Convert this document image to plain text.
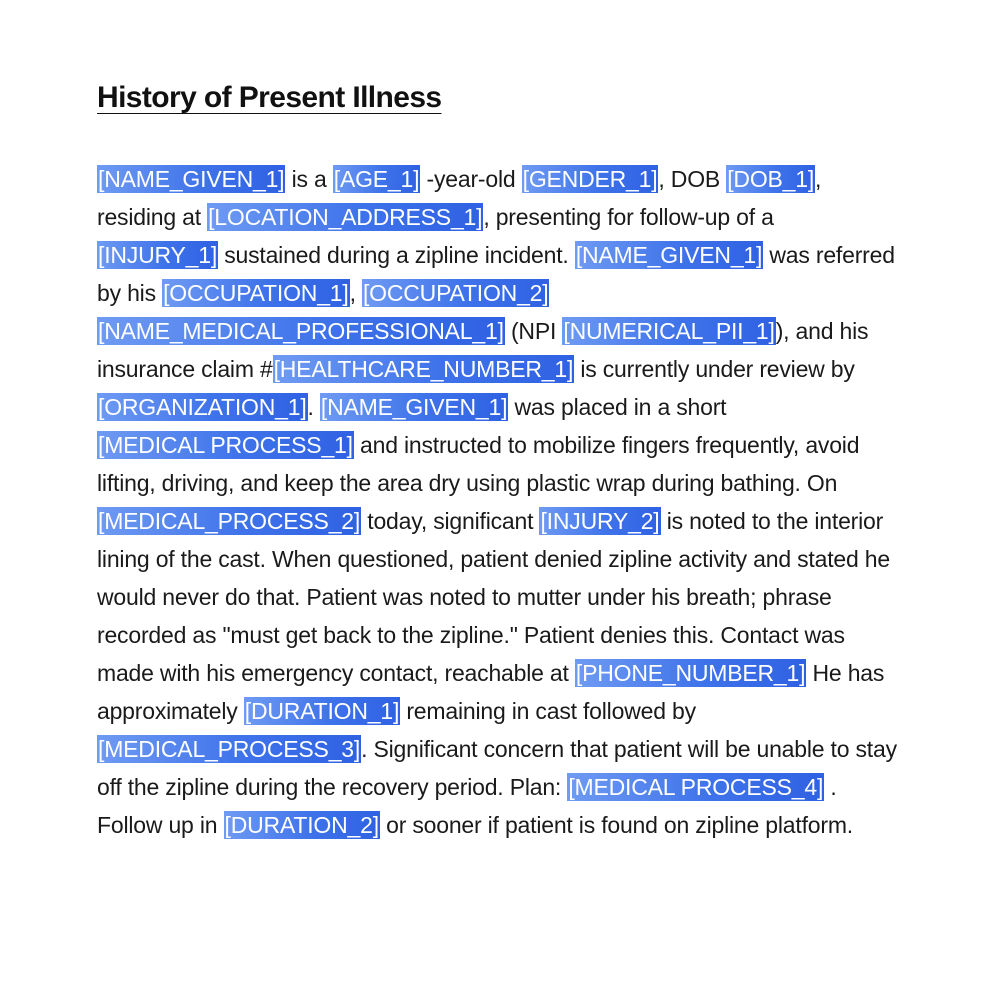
History of Present Illness
[NAME_GIVEN_1] is a [AGE_1] -year-old [GENDER_1], DOB [DOB_1], residing at [LOCATION_ADDRESS_1], presenting for follow-up of a [INJURY_1] sustained during a zipline incident. [NAME_GIVEN_1] was referred by his [OCCUPATION_1], [OCCUPATION_2] [NAME_MEDICAL_PROFESSIONAL_1] (NPI [NUMERICAL_PII_1]), and his insurance claim #[HEALTHCARE_NUMBER_1] is currently under review by [ORGANIZATION_1]. [NAME_GIVEN_1] was placed in a short [MEDICAL PROCESS_1] and instructed to mobilize fingers frequently, avoid lifting, driving, and keep the area dry using plastic wrap during bathing. On [MEDICAL_PROCESS_2] today, significant [INJURY_2] is noted to the interior lining of the cast. When questioned, patient denied zipline activity and stated he would never do that. Patient was noted to mutter under his breath; phrase recorded as "must get back to the zipline." Patient denies this. Contact was made with his emergency contact, reachable at [PHONE_NUMBER_1] He has approximately [DURATION_1] remaining in cast followed by [MEDICAL_PROCESS_3]. Significant concern that patient will be unable to stay off the zipline during the recovery period. Plan: [MEDICAL PROCESS_4] . Follow up in [DURATION_2] or sooner if patient is found on zipline platform.
